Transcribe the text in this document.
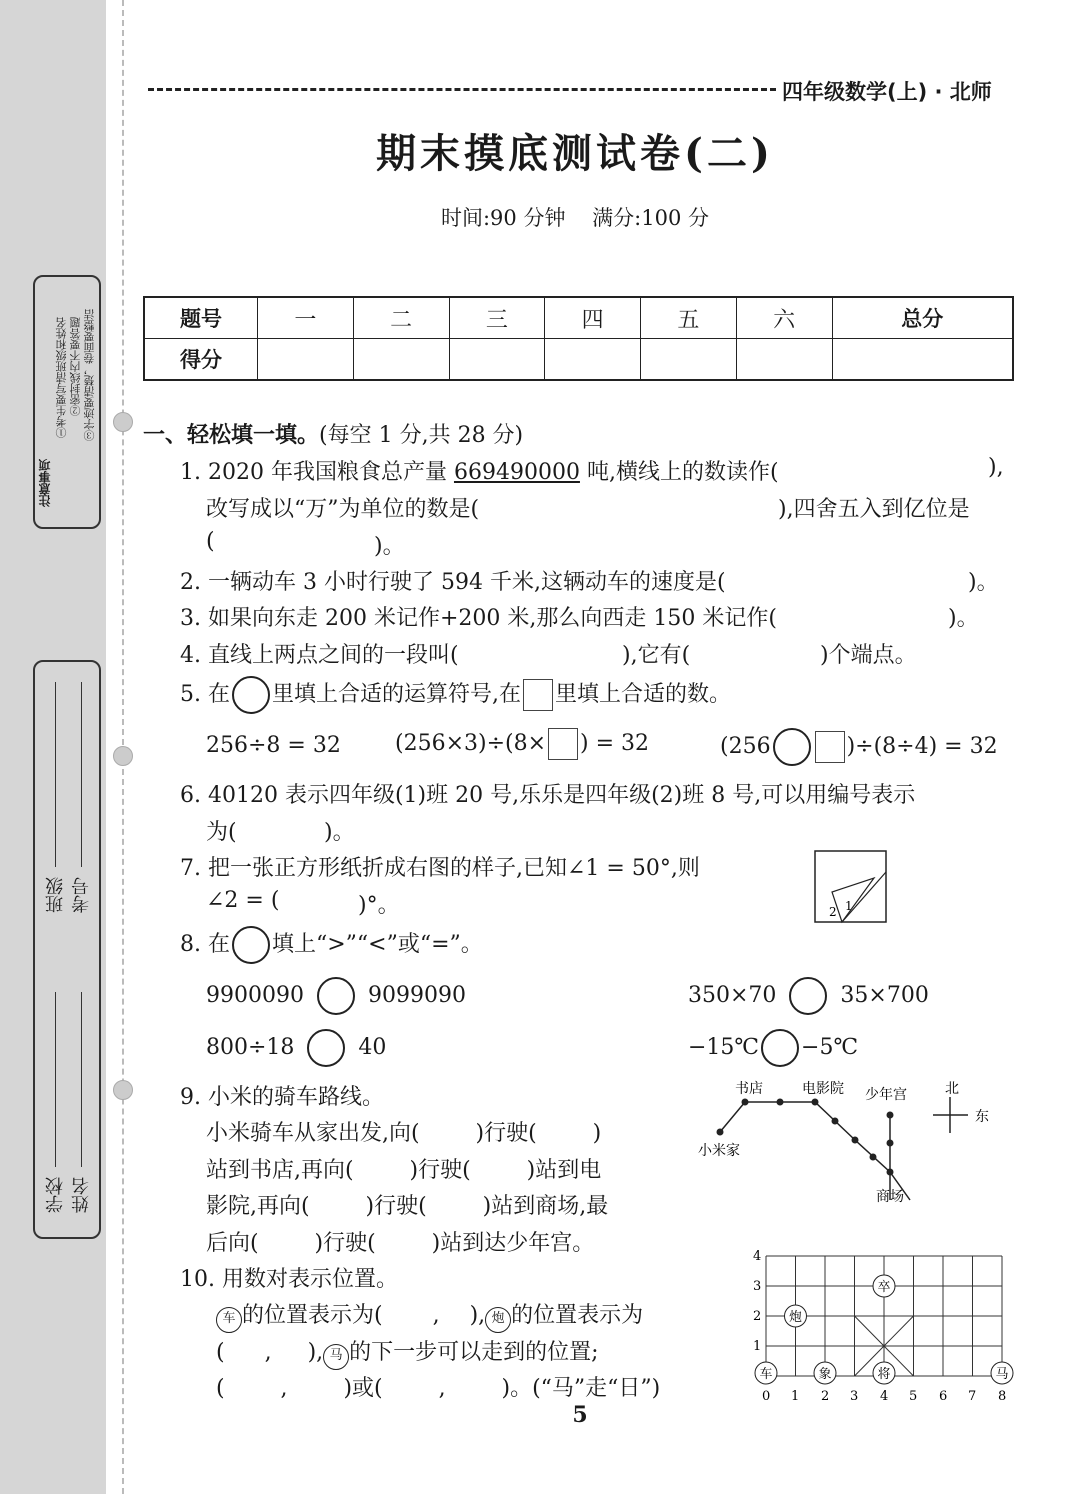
注意事项
①考生要写清班级和姓名 ②密封线内不要答题 ③字迹要清楚，卷面要整洁
学校 姓名
班级 考号
四年级数学(上) · 北师
期末摸底测试卷(二)
时间:90 分钟    满分:100 分
题号	一	二	三	四	五	六	总分
得分							
一、轻松填一填。(每空 1 分,共 28 分)
1. 2020 年我国粮食总产量 669490000 吨,横线上的数读作(	),
改写成以“万”为单位的数是(	),四舍五入到亿位是
(	)。
2. 一辆动车 3 小时行驶了 594 千米,这辆动车的速度是(	)。
3. 如果向东走 200 米记作+200 米,那么向西走 150 米记作(	)。
4. 直线上两点之间的一段叫(	),它有(	)个端点。
5. 在 里填上合适的运算符号,在 里填上合适的数。
256÷8 = 32 (256×3)÷(8× ) = 32	(256	)÷(8÷4) = 32
6. 40120 表示四年级(1)班 20 号,乐乐是四年级(2)班 8 号,可以用编号表示
为(	)。
7. 把一张正方形纸折成右图的样子,已知∠1 = 50°,则
∠2 = (	)°。	2 1
8. 在 填上“>”“<”或“=”。
9900090	9099090	350×70	35×700
800÷18	40	−15℃ −5℃
9. 小米的骑车路线。
小米骑车从家出发,向(        )行驶(        )
站到书店,再向(        )行驶(        )站到电
影院,再向(        )行驶(        )站到商场,最
后向(        )行驶(        )站到达少年宫。
小米家
书店	电影院 少年宫
商场
北
东
10. 用数对表示位置。
车 的位置表示为( , ), 炮 的位置表示为
( , ), 马 的下一步可以走到的位置;
(        ,        )或(        ,        )。(“马”走“日”)
4
3
2
1
0 1 2 3 4 5 6 7 8
车	象	将	马
炮
卒
5
